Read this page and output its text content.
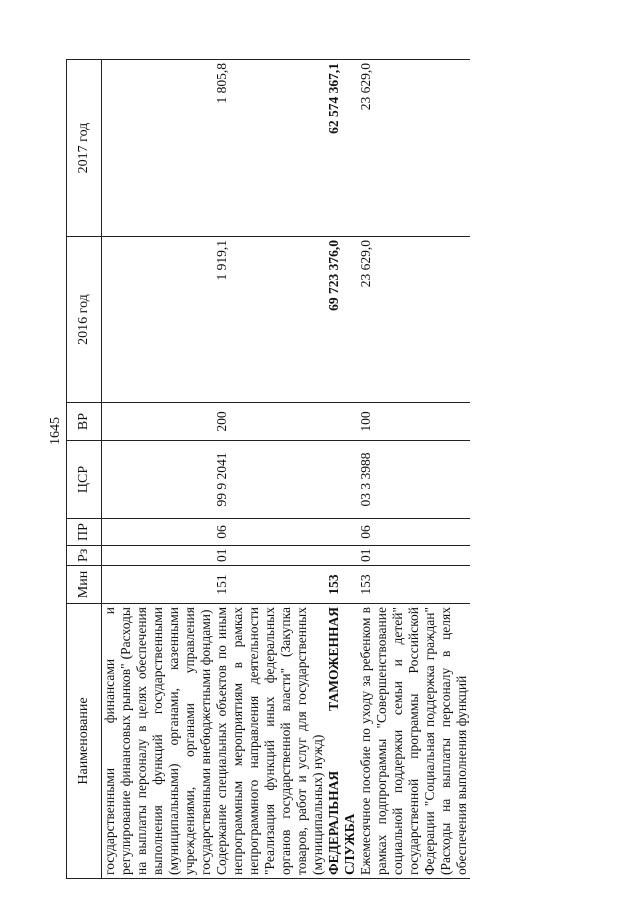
1645
Наименование	Мин	Рз	ПР	ЦСР	ВР	2016 год	2017 год
государственными финансами и регулирование финансовых рынков" (Расходы на выплаты персоналу в целях обеспечения выполнения функций государственными (муниципальными) органами, казенными учреждениями, органами управления государственными внебюджетными фондами)							
Содержание специальных объектов по иным непрограммным мероприятиям в рамках непрограммного направления деятельности "Реализация функций иных федеральных органов государственной власти" (Закупка товаров, работ и услуг для государственных (муниципальных) нужд)	151	01	06	99 9 2041	200	1 919,1	1 805,8
ФЕДЕРАЛЬНАЯ ТАМОЖЕННАЯ СЛУЖБА	153					69 723 376,0	62 574 367,1
Ежемесячное пособие по уходу за ребенком в рамках подпрограммы "Совершенствование социальной поддержки семьи и детей" государственной программы Российской Федерации "Социальная поддержка граждан" (Расходы на выплаты персоналу в целях обеспечения выполнения функций	153	01	06	03 3 3988	100	23 629,0	23 629,0
